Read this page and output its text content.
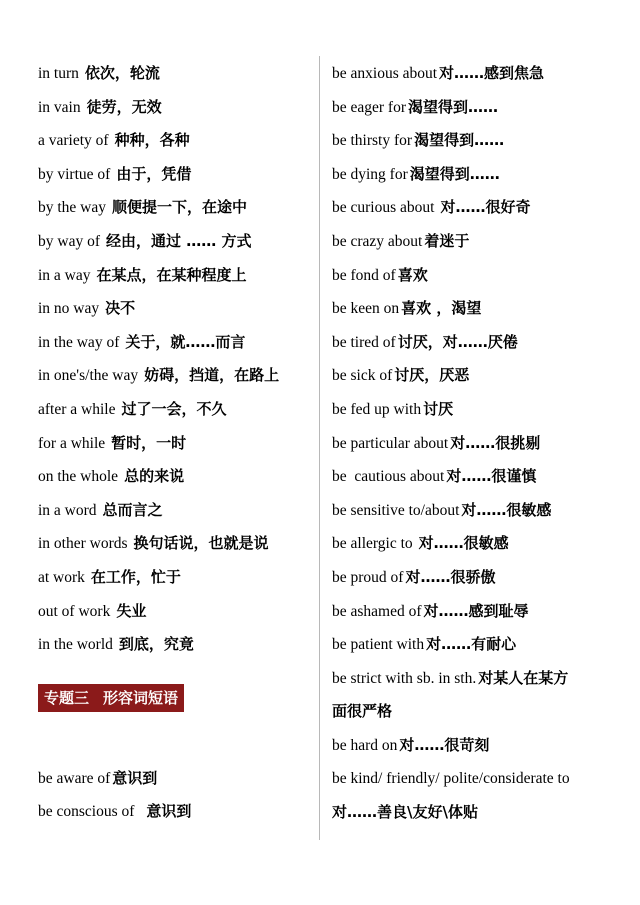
in turn 依次，轮流
in vain 徒劳，无效
a variety of 种种，各种
by virtue of 由于，凭借
by the way 顺便提一下，在途中
by way of 经由，通过 …… 方式
in a way 在某点，在某种程度上
in no way 决不
in the way of 关于，就……而言
in one's/the way 妨碍，挡道，在路上
after a while 过了一会，不久
for a while 暂时，一时
on the whole 总的来说
in a word 总而言之
in other words 换句话说，也就是说
at work 在工作，忙于
out of work 失业
in the world 到底，究竟
专题三 形容词短语
be aware of 意识到
be conscious of 意识到
be anxious about 对……感到焦急
be eager for 渴望得到……
be thirsty for 渴望得到……
be dying for 渴望得到……
be curious about 对……很好奇
be crazy about 着迷于
be fond of 喜欢
be keen on 喜欢 ，渴望
be tired of 讨厌，对……厌倦
be sick of 讨厌，厌恶
be fed up with 讨厌
be particular about 对……很挑剔
be  cautious about 对……很谨慎
be sensitive to/about 对……很敏感
be allergic to 对……很敏感
be proud of 对……很骄傲
be ashamed of 对……感到耻辱
be patient with 对……有耐心
be strict with sb. in sth. 对某人在某方
面很严格
be hard on 对……很苛刻
be kind/ friendly/ polite/considerate to
对……善良\友好\体贴
